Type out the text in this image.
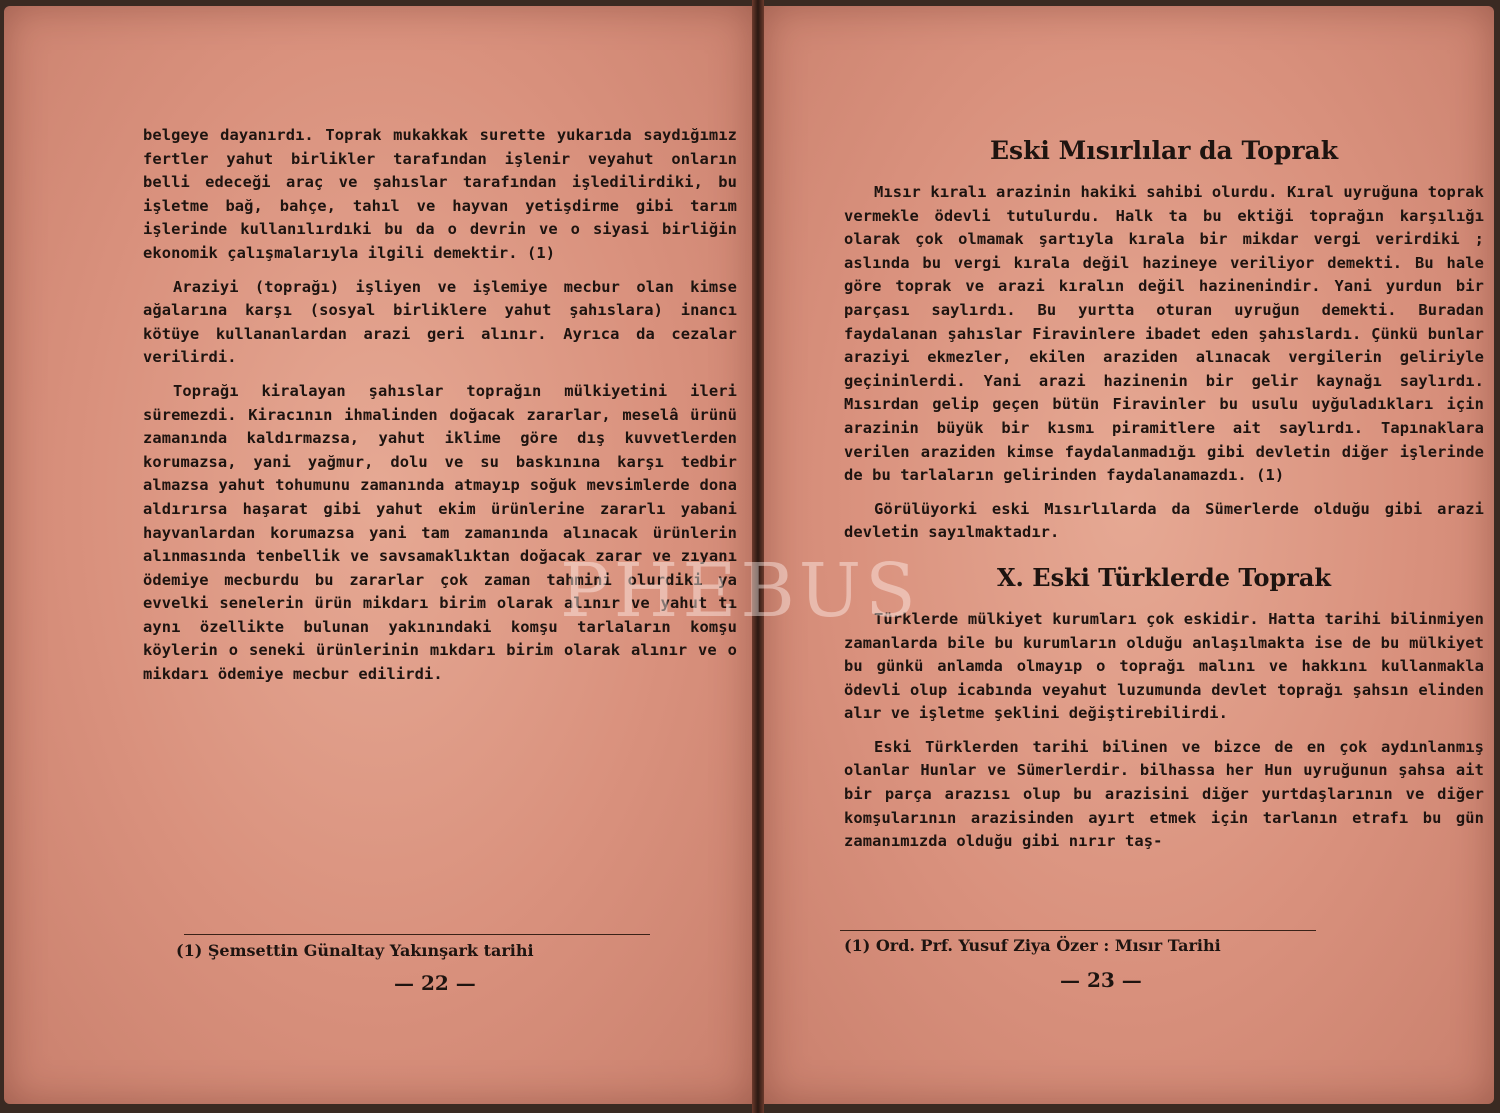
belgeye dayanırdı. Toprak mukakkak surette yukarıda saydığımız fertler yahut birlikler tarafından işlenir veyahut onların belli edeceği araç ve şahıslar tarafından işledilirdiki, bu işletme bağ, bahçe, tahıl ve hayvan yetişdirme gibi tarım işlerinde kullanılırdıki bu da o devrin ve o siyasi birliğin ekonomik çalışmalarıyla ilgili demektir. (1)

Araziyi (toprağı) işliyen ve işlemiye mecbur olan kimse ağalarına karşı (sosyal birliklere yahut şahıslara) inancı kötüye kullananlardan arazi geri alınır. Ayrıca da cezalar verilirdi.

Toprağı kiralayan şahıslar toprağın mülkiyetini ileri süremezdi. Kiracının ihmalinden doğacak zararlar, meselâ ürünü zamanında kaldırmazsa, yahut iklime göre dış kuvvetlerden korumazsa, yani yağmur, dolu ve su baskınına karşı tedbir almazsa yahut tohumunu zamanında atmayıp soğuk mevsimlerde dona aldırırsa haşarat gibi yahut ekim ürünlerine zararlı yabani hayvanlardan korumazsa yani tam zamanında alınacak ürünlerin alınmasında tenbellik ve savsamaklıktan doğacak zarar ve zıyanı ödemiye mecburdu bu zararlar çok zaman tahmini olurdiki ya evvelki senelerin ürün mikdarı birim olarak alınır ve yahut tı aynı özellikte bulunan yakınındaki komşu tarlaların komşu köylerin o seneki ürünlerinin mıkdarı birim olarak alınır ve o mikdarı ödemiye mecbur edilirdi.

(1) Şemsettin Günaltay Yakınşark tarihi
— 22 —
Eski Mısırlılar da Toprak

Mısır kıralı arazinin hakiki sahibi olurdu. Kıral uyruğuna toprak vermekle ödevli tutulurdu. Halk ta bu ektiği toprağın karşılığı olarak çok olmamak şartıyla kırala bir mikdar vergi verirdiki ; aslında bu vergi kırala değil hazineye veriliyor demekti. Bu hale göre toprak ve arazi kıralın değil hazinenindir. Yani yurdun bir parçası saylırdı. Bu yurtta oturan uyruğun demekti. Buradan faydalanan şahıslar Firavinlere ibadet eden şahıslardı. Çünkü bunlar araziyi ekmezler, ekilen araziden alınacak vergilerin geliriyle geçininlerdi. Yani arazi hazinenin bir gelir kaynağı saylırdı. Mısırdan gelip geçen bütün Firavinler bu usulu uyğuladıkları için arazinin büyük bir kısmı piramitlere ait saylırdı. Tapınaklara verilen araziden kimse faydalanmadığı gibi devletin diğer işlerinde de bu tarlaların gelirinden faydalanamazdı. (1)

Görülüyorki eski Mısırlılarda da Sümerlerde olduğu gibi arazi devletin sayılmaktadır.

X. Eski Türklerde Toprak

Türklerde mülkiyet kurumları çok eskidir. Hatta tarihi bilinmiyen zamanlarda bile bu kurumların olduğu anlaşılmakta ise de bu mülkiyet bu günkü anlamda olmayıp o toprağı malını ve hakkını kullanmakla ödevli olup icabında veyahut luzumunda devlet toprağı şahsın elinden alır ve işletme şeklini değiştirebilirdi.

Eski Türklerden tarihi bilinen ve bizce de en çok aydınlanmış olanlar Hunlar ve Sümerlerdir. bilhassa her Hun uyruğunun şahsa ait bir parça arazısı olup bu arazisini diğer yurtdaşlarının ve diğer komşularının arazisinden ayırt etmek için tarlanın etrafı bu gün zamanımızda olduğu gibi nırır taş-

(1) Ord. Prf. Yusuf Ziya Özer : Mısır Tarihi
— 23 —
PHEBUS
